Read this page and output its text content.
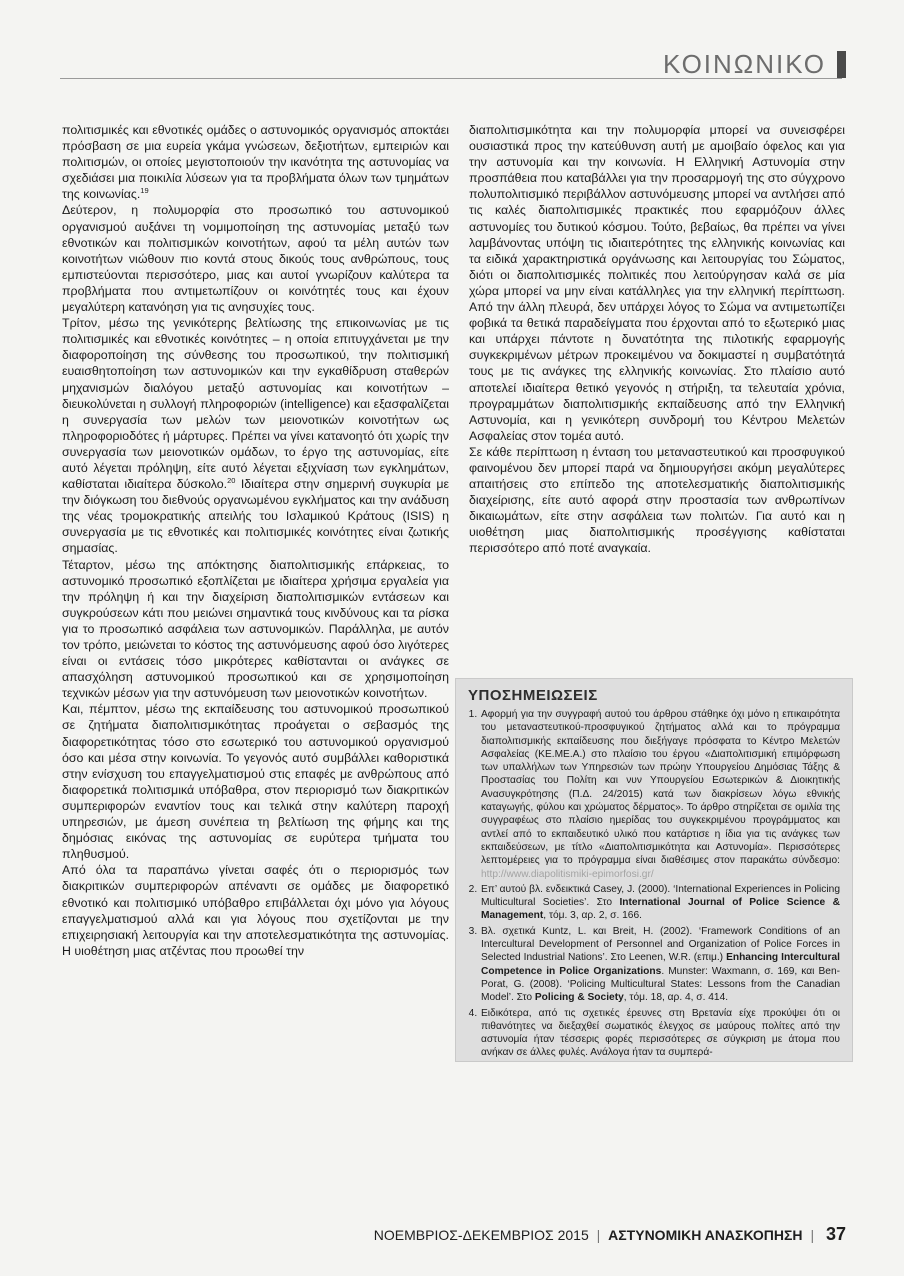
ΚΟΙΝΩΝΙΚΟ

πολιτισμικές και εθνοτικές ομάδες ο αστυνομικός οργανισμός αποκτάει πρόσβαση σε μια ευρεία γκάμα γνώσεων, δεξιοτήτων, εμπειριών και πολιτισμών, οι οποίες μεγιστοποιούν την ικανότητα της αστυνομίας να σχεδιάσει μια ποικιλία λύσεων για τα προβλήματα όλων των τμημάτων της κοινωνίας.$^{19}$

Δεύτερον, η πολυμορφία στο προσωπικό του αστυνομικού οργανισμού αυξάνει τη νομιμοποίηση της αστυνομίας μεταξύ των εθνοτικών και πολιτισμικών κοινοτήτων, αφού τα μέλη αυτών των κοινοτήτων νιώθουν πιο κοντά στους δικούς τους ανθρώπους, τους εμπιστεύονται περισσότερο, μιας και αυτοί γνωρίζουν καλύτερα τα προβλήματα που αντιμετωπίζουν οι κοινότητές τους και έχουν μεγαλύτερη κατανόηση για τις ανησυχίες τους.

Τρίτον, μέσω της γενικότερης βελτίωσης της επικοινωνίας με τις πολιτισμικές και εθνοτικές κοινότητες – η οποία επιτυγχάνεται με την διαφοροποίηση της σύνθεσης του προσωπικού, την πολιτισμική ευαισθητοποίηση των αστυνομικών και την εγκαθίδρυση σταθερών μηχανισμών διαλόγου μεταξύ αστυνομίας και κοινοτήτων – διευκολύνεται η συλλογή πληροφοριών (intelligence) και εξασφαλίζεται η συνεργασία των μελών των μειονοτικών κοινοτήτων ως πληροφοριοδότες ή μάρτυρες. Πρέπει να γίνει κατανοητό ότι χωρίς την συνεργασία των μειονοτικών ομάδων, το έργο της αστυνομίας, είτε αυτό λέγεται πρόληψη, είτε αυτό λέγεται εξιχνίαση των εγκλημάτων, καθίσταται ιδιαίτερα δύσκολο.$^{20}$ Ιδιαίτερα στην σημερινή συγκυρία με την διόγκωση του διεθνούς οργανωμένου εγκλήματος και την ανάδυση της νέας τρομοκρατικής απειλής του Ισλαμικού Κράτους (ISIS) η συνεργασία με τις εθνοτικές και πολιτισμικές κοινότητες είναι ζωτικής σημασίας.

Τέταρτον, μέσω της απόκτησης διαπολιτισμικής επάρκειας, το αστυνομικό προσωπικό εξοπλίζεται με ιδιαίτερα χρήσιμα εργαλεία για την πρόληψη ή και την διαχείριση διαπολιτισμικών εντάσεων και συγκρούσεων κάτι που μειώνει σημαντικά τους κινδύνους και τα ρίσκα για το προσωπικό ασφάλεια των αστυνομικών. Παράλληλα, με αυτόν τον τρόπο, μειώνεται το κόστος της αστυνόμευσης αφού όσο λιγότερες είναι οι εντάσεις τόσο μικρότερες καθίστανται οι ανάγκες σε απασχόληση αστυνομικού προσωπικού και σε χρησιμοποίηση τεχνικών μέσων για την αστυνόμευση των μειονοτικών κοινοτήτων.

Και, πέμπτον, μέσω της εκπαίδευσης του αστυνομικού προσωπικού σε ζητήματα διαπολιτισμικότητας προάγεται ο σεβασμός της διαφορετικότητας τόσο στο εσωτερικό του αστυνομικού οργανισμού όσο και μέσα στην κοινωνία. Το γεγονός αυτό συμβάλλει καθοριστικά στην ενίσχυση του επαγγελματισμού στις επαφές με ανθρώπους από διαφορετικά πολιτισμικά υπόβαθρα, στον περιορισμό των διακριτικών συμπεριφορών εναντίον τους και τελικά στην καλύτερη παροχή υπηρεσιών, με άμεση συνέπεια τη βελτίωση της φήμης και της δημόσιας εικόνας της αστυνομίας σε ευρύτερα τμήματα του πληθυσμού.

Από όλα τα παραπάνω γίνεται σαφές ότι ο περιορισμός των διακριτικών συμπεριφορών απέναντι σε ομάδες με διαφορετικό εθνοτικό και πολιτισμικό υπόβαθρο επιβάλλεται όχι μόνο για λόγους επαγγελματισμού αλλά και για λόγους που σχετίζονται με την επιχειρησιακή λειτουργία και την αποτελεσματικότητα της αστυνομίας. Η υιοθέτηση μιας ατζέντας που προωθεί την

διαπολιτισμικότητα και την πολυμορφία μπορεί να συνεισφέρει ουσιαστικά προς την κατεύθυνση αυτή με αμοιβαίο όφελος και για την αστυνομία και την κοινωνία. Η Ελληνική Αστυνομία στην προσπάθεια που καταβάλλει για την προσαρμογή της στο σύγχρονο πολυπολιτισμικό περιβάλλον αστυνόμευσης μπορεί να αντλήσει από τις καλές διαπολιτισμικές πρακτικές που εφαρμόζουν άλλες αστυνομίες του δυτικού κόσμου. Τούτο, βεβαίως, θα πρέπει να γίνει λαμβάνοντας υπόψη τις ιδιαιτερότητες της ελληνικής κοινωνίας και τα ειδικά χαρακτηριστικά οργάνωσης και λειτουργίας του Σώματος, διότι οι διαπολιτισμικές πολιτικές που λειτούργησαν καλά σε μία χώρα μπορεί να μην είναι κατάλληλες για την ελληνική περίπτωση. Από την άλλη πλευρά, δεν υπάρχει λόγος το Σώμα να αντιμετωπίζει φοβικά τα θετικά παραδείγματα που έρχονται από το εξωτερικό μιας και υπάρχει πάντοτε η δυνατότητα της πιλοτικής εφαρμογής συγκεκριμένων μέτρων προκειμένου να δοκιμαστεί η συμβατότητά τους με τις ανάγκες της ελληνικής κοινωνίας. Στο πλαίσιο αυτό αποτελεί ιδιαίτερα θετικό γεγονός η στήριξη, τα τελευταία χρόνια, προγραμμάτων διαπολιτισμικής εκπαίδευσης από την Ελληνική Αστυνομία, και η γενικότερη συνδρομή του Κέντρου Μελετών Ασφαλείας στον τομέα αυτό.

Σε κάθε περίπτωση η ένταση του μεταναστευτικού και προσφυγικού φαινομένου δεν μπορεί παρά να δημιουργήσει ακόμη μεγαλύτερες απαιτήσεις στο επίπεδο της αποτελεσματικής διαπολιτισμικής διαχείρισης, είτε αυτό αφορά στην προστασία των ανθρωπίνων δικαιωμάτων, είτε στην ασφάλεια των πολιτών. Για αυτό και η υιοθέτηση μιας διαπολιτισμικής προσέγγισης καθίσταται περισσότερο από ποτέ αναγκαία.

ΥΠΟΣΗΜΕΙΩΣΕΙΣ
1. Αφορμή για την συγγραφή αυτού του άρθρου στάθηκε όχι μόνο η επικαιρότητα του μεταναστευτικού-προσφυγικού ζητήματος αλλά και το πρόγραμμα διαπολιτισμικής εκπαίδευσης που διεξήγαγε πρόσφατα το Κέντρο Μελετών Ασφαλείας (ΚΕ.ΜΕ.Α.) στο πλαίσιο του έργου «Διαπολιτισμική επιμόρφωση των υπαλλήλων των Υπηρεσιών των πρώην Υπουργείου Δημόσιας Τάξης & Προστασίας του Πολίτη και νυν Υπουργείου Εσωτερικών & Διοικητικής Ανασυγκρότησης (Π.Δ. 24/2015) κατά των διακρίσεων λόγω εθνικής καταγωγής, φύλου και χρώματος δέρματος». Το άρθρο στηρίζεται σε ομιλία της συγγραφέως στο πλαίσιο ημερίδας του συγκεκριμένου προγράμματος και αντλεί από το εκπαιδευτικό υλικό που κατάρτισε η ίδια για τις ανάγκες των εκπαιδεύσεων, με τίτλο «Διαπολιτισμικότητα και Αστυνομία». Περισσότερες λεπτομέρειες για το πρόγραμμα είναι διαθέσιμες στον παρακάτω σύνδεσμο: http://www.diapolitismiki-epimorfosi.gr/
2. Επ’ αυτού βλ. ενδεικτικά Casey, J. (2000). ‘International Experiences in Policing Multicultural Societies’. Στο International Journal of Police Science & Management, τόμ. 3, αρ. 2, σ. 166.
3. Βλ. σχετικά Kuntz, L. και Breit, H. (2002). ‘Framework Conditions of an Intercultural Development of Personnel and Organization of Police Forces in Selected Industrial Nations’. Στο Leenen, W.R. (επιμ.) Enhancing Intercultural Competence in Police Organizations. Munster: Waxmann, σ. 169, και Ben-Porat, G. (2008). ‘Policing Multicultural States: Lessons from the Canadian Model’. Στο Policing & Society, τόμ. 18, αρ. 4, σ. 414.
4. Ειδικότερα, από τις σχετικές έρευνες στη Βρετανία είχε προκύψει ότι οι πιθανότητες να διεξαχθεί σωματικός έλεγχος σε μαύρους πολίτες από την αστυνομία ήταν τέσσερις φορές περισσότερες σε σύγκριση με άτομα που ανήκαν σε άλλες φυλές. Ανάλογα ήταν τα συμπερά-
ΝΟΕΜΒΡΙΟΣ-ΔΕΚΕΜΒΡΙΟΣ 2015 | ΑΣΤΥΝΟΜΙΚΗ ΑΝΑΣΚΟΠΗΣΗ | 37
